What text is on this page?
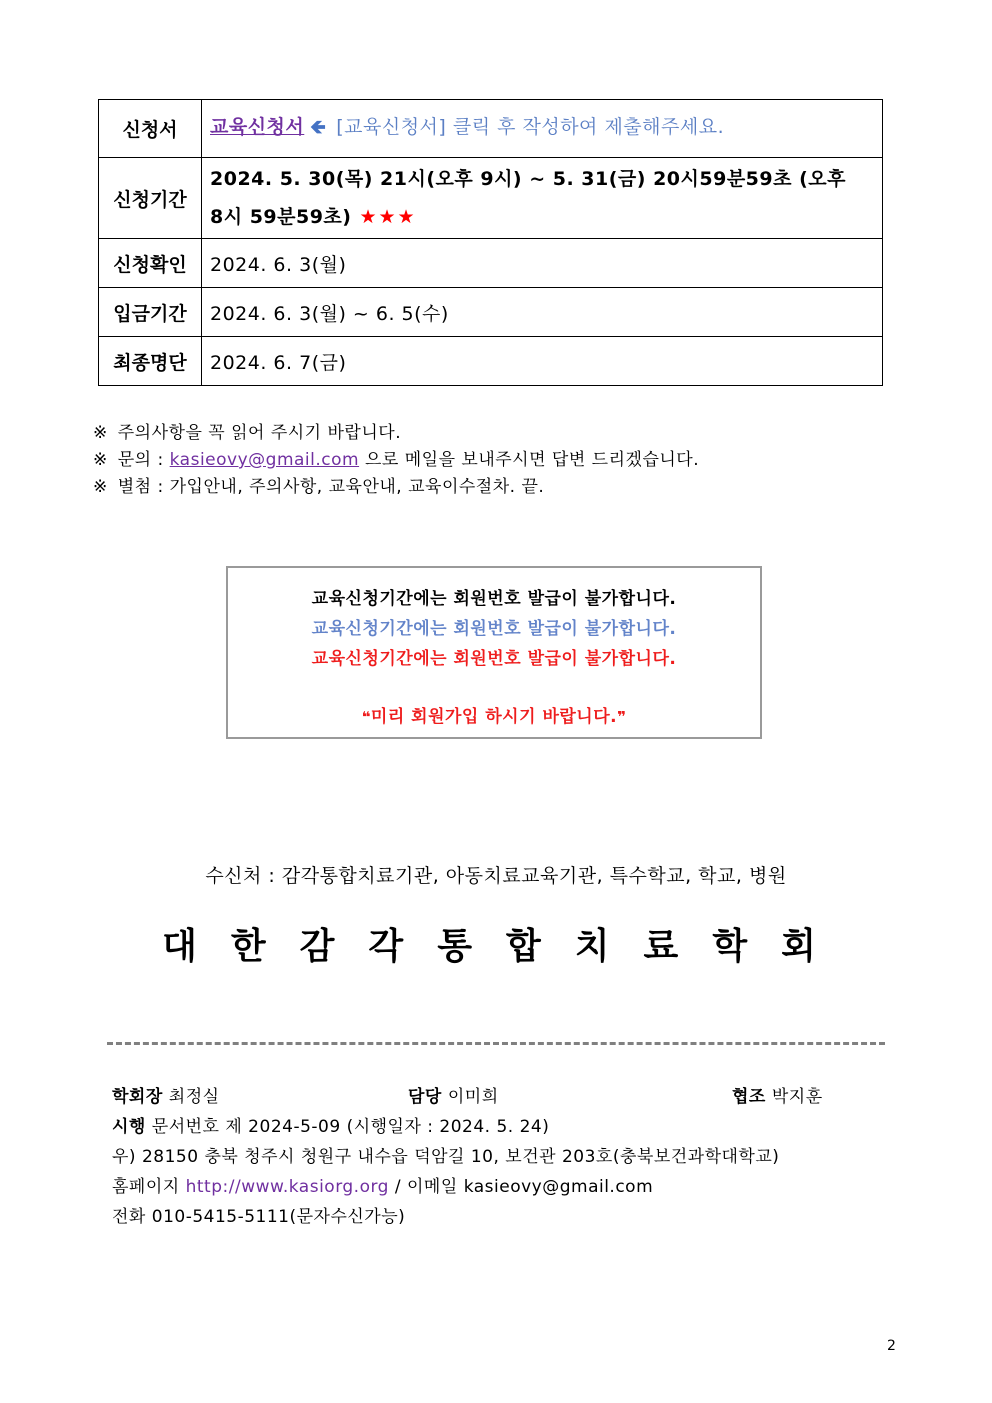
신청서	교육신청서 🡸 [교육신청서] 클릭 후 작성하여 제출해주세요.
신청기간	2024. 5. 30(목) 21시(오후 9시) ~ 5. 31(금) 20시59분59초 (오후 8시 59분59초) ★★★

신청확인	2024. 6. 3(월)
입금기간	2024. 6. 3(월) ~ 6. 5(수)
최종명단	2024. 6. 7(금)
※ 주의사항을 꼭 읽어 주시기 바랍니다.
※ 문의 : kasieovy@gmail.com 으로 메일을 보내주시면 답변 드리겠습니다.
※ 별첨 : 가입안내, 주의사항, 교육안내, 교육이수절차. 끝.
교육신청기간에는 회원번호 발급이 불가합니다.
교육신청기간에는 회원번호 발급이 불가합니다.
교육신청기간에는 회원번호 발급이 불가합니다.
❝미리 회원가입 하시기 바랍니다.❞
수신처 : 감각통합치료기관, 아동치료교육기관, 특수학교, 학교, 병원
대한감각통합치료학회
학회장 최정실	담당 이미희	협조 박지훈
시행 문서번호 제 2024-5-09 (시행일자 : 2024. 5. 24)
우) 28150 충북 청주시 청원구 내수읍 덕암길 10, 보건관 203호(충북보건과학대학교)
홈페이지 http://www.kasiorg.org / 이메일 kasieovy@gmail.com
전화 010-5415-5111(문자수신가능)
2
